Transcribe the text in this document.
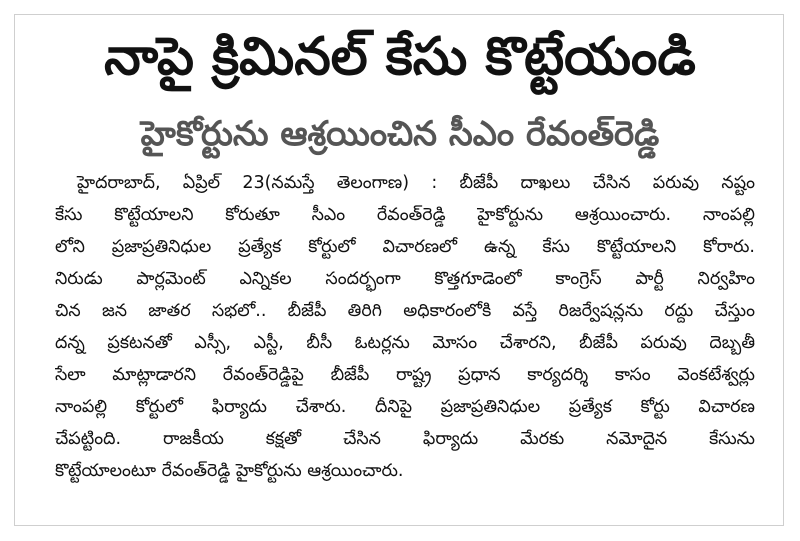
నాపై క్రిమినల్ కేసు కొట్టేయండి
హైకోర్టును ఆశ్రయించిన సీఎం రేవంత్‌రెడ్డి
హైదరాబాద్, ఏప్రిల్ 23(నమస్తే తెలంగాణ) : బీజేపీ దాఖలు చేసిన పరువు నష్టం
కేసు కొట్టేయాలని కోరుతూ సీఎం రేవంత్‌రెడ్డి హైకోర్టును ఆశ్రయించారు. నాంపల్లి
లోని ప్రజాప్రతినిధుల ప్రత్యేక కోర్టులో విచారణలో ఉన్న కేసు కొట్టేయాలని కోరారు.
నిరుడు పార్లమెంట్ ఎన్నికల సందర్భంగా కొత్తగూడెంలో కాంగ్రెస్ పార్టీ నిర్వహిం
చిన జన జాతర సభలో.. బీజేపీ తిరిగి అధికారంలోకి వస్తే రిజర్వేషన్లను రద్దు చేస్తుం
దన్న ప్రకటనతో ఎస్సీ, ఎస్టీ, బీసీ ఓటర్లను మోసం చేశారని, బీజేపీ పరువు దెబ్బతీ
సేలా మాట్లాడారని రేవంత్‌రెడ్డిపై బీజేపీ రాష్ట్ర ప్రధాన కార్యదర్శి కాసం వెంకటేశ్వర్లు
నాంపల్లి కోర్టులో ఫిర్యాదు చేశారు. దీనిపై ప్రజాప్రతినిధుల ప్రత్యేక కోర్టు విచారణ
చేపట్టింది. రాజకీయ కక్షతో చేసిన ఫిర్యాదు మేరకు నమోదైన కేసును
కొట్టేయాలంటూ రేవంత్‌రెడ్డి హైకోర్టును ఆశ్రయించారు.
